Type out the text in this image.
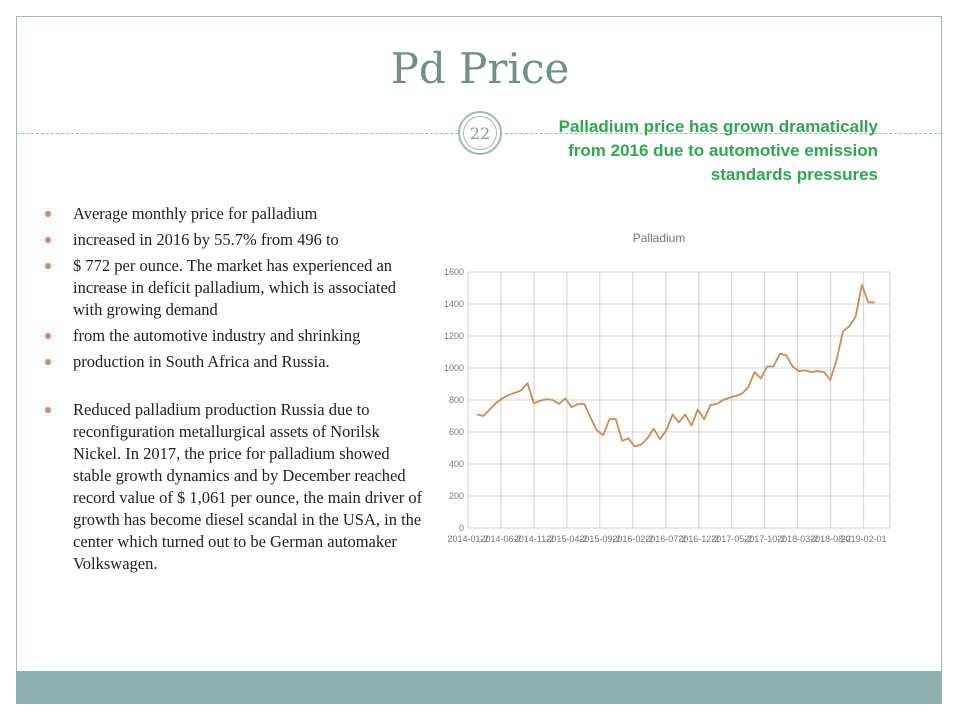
Pd Price
22	Palladium price has grown dramatically
from 2016 due to automotive emission
standards pressures
Average monthly price for palladium
increased in 2016 by 55.7% from 496 to
$ 772 per ounce. The market has experienced an increase in deficit palladium, which is associated with growing demand
from the automotive industry and shrinking
production in South Africa and Russia.
Reduced palladium production Russia due to reconfiguration metallurgical assets of Norilsk Nickel. In 2017, the price for palladium showed stable growth dynamics and by December reached record value of $ 1,061 per ounce, the main driver of growth has become diesel scandal in the USA, in the center which turned out to be German automaker Volkswagen.
Palladium
0
200
400
600
800
1000
1200
1400
1600
2014-01-2
2014-06-2
2014-11-2
2015-04-2
2015-09-2
2016-02-2
2016-07-2
2016-12-2
2017-05-2
2017-10-2
2018-03-2
2018-08-2
2019-02-01
